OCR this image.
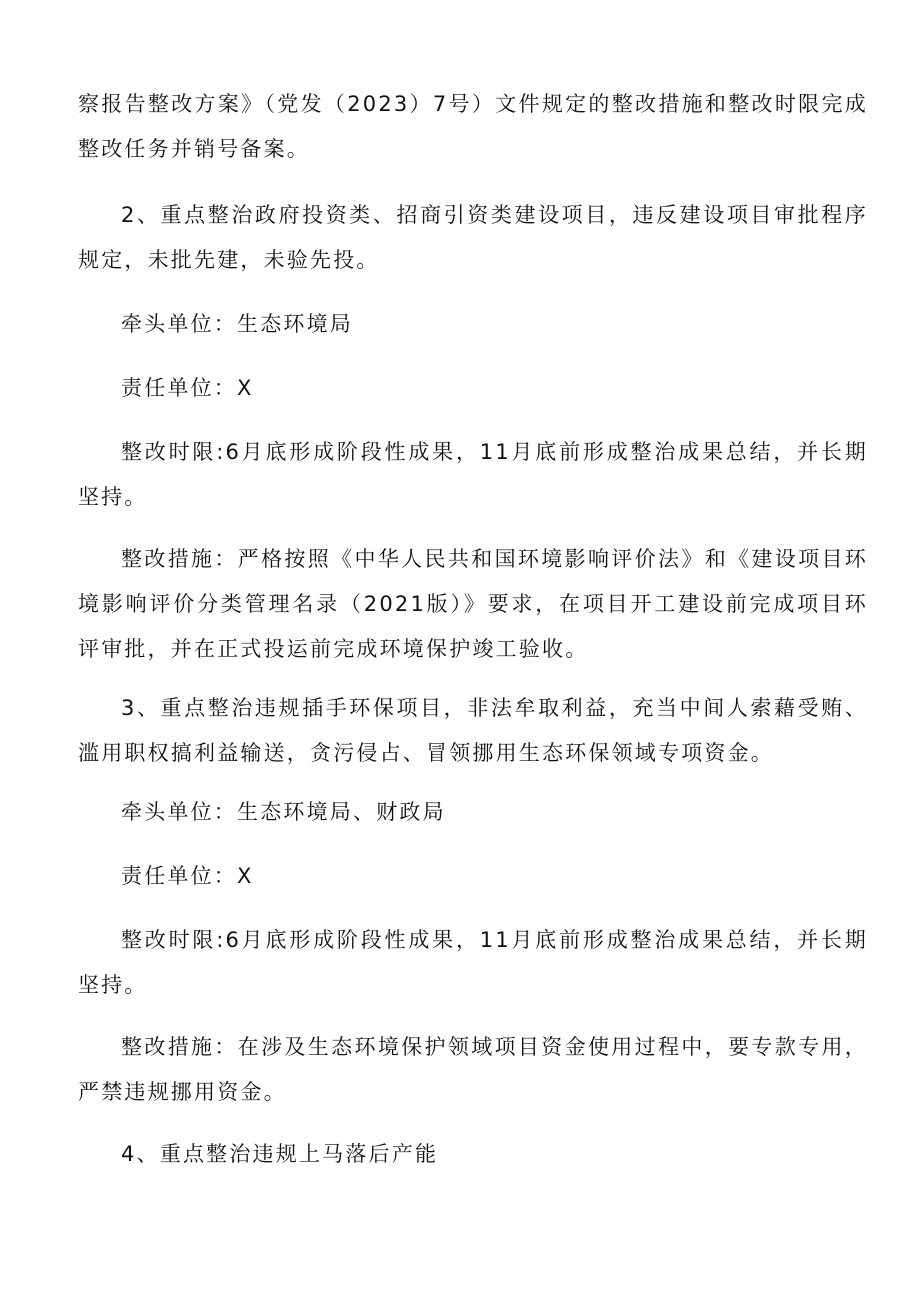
察报告整改方案》（党发（2023）7号）文件规定的整改措施和整改时限完成整改任务并销号备案。

2、重点整治政府投资类、招商引资类建设项目，违反建设项目审批程序规定，未批先建，未验先投。

牵头单位：生态环境局

责任单位：X

整改时限:6月底形成阶段性成果，11月底前形成整治成果总结，并长期坚持。

整改措施：严格按照《中华人民共和国环境影响评价法》和《建设项目环境影响评价分类管理名录（2021版）》要求，在项目开工建设前完成项目环评审批，并在正式投运前完成环境保护竣工验收。

3、重点整治违规插手环保项目，非法牟取利益，充当中间人索藉受贿、滥用职权搞利益输送，贪污侵占、冒领挪用生态环保领域专项资金。

牵头单位：生态环境局、财政局

责任单位：X

整改时限:6月底形成阶段性成果，11月底前形成整治成果总结，并长期坚持。

整改措施：在涉及生态环境保护领域项目资金使用过程中，要专款专用，严禁违规挪用资金。

4、重点整治违规上马落后产能
